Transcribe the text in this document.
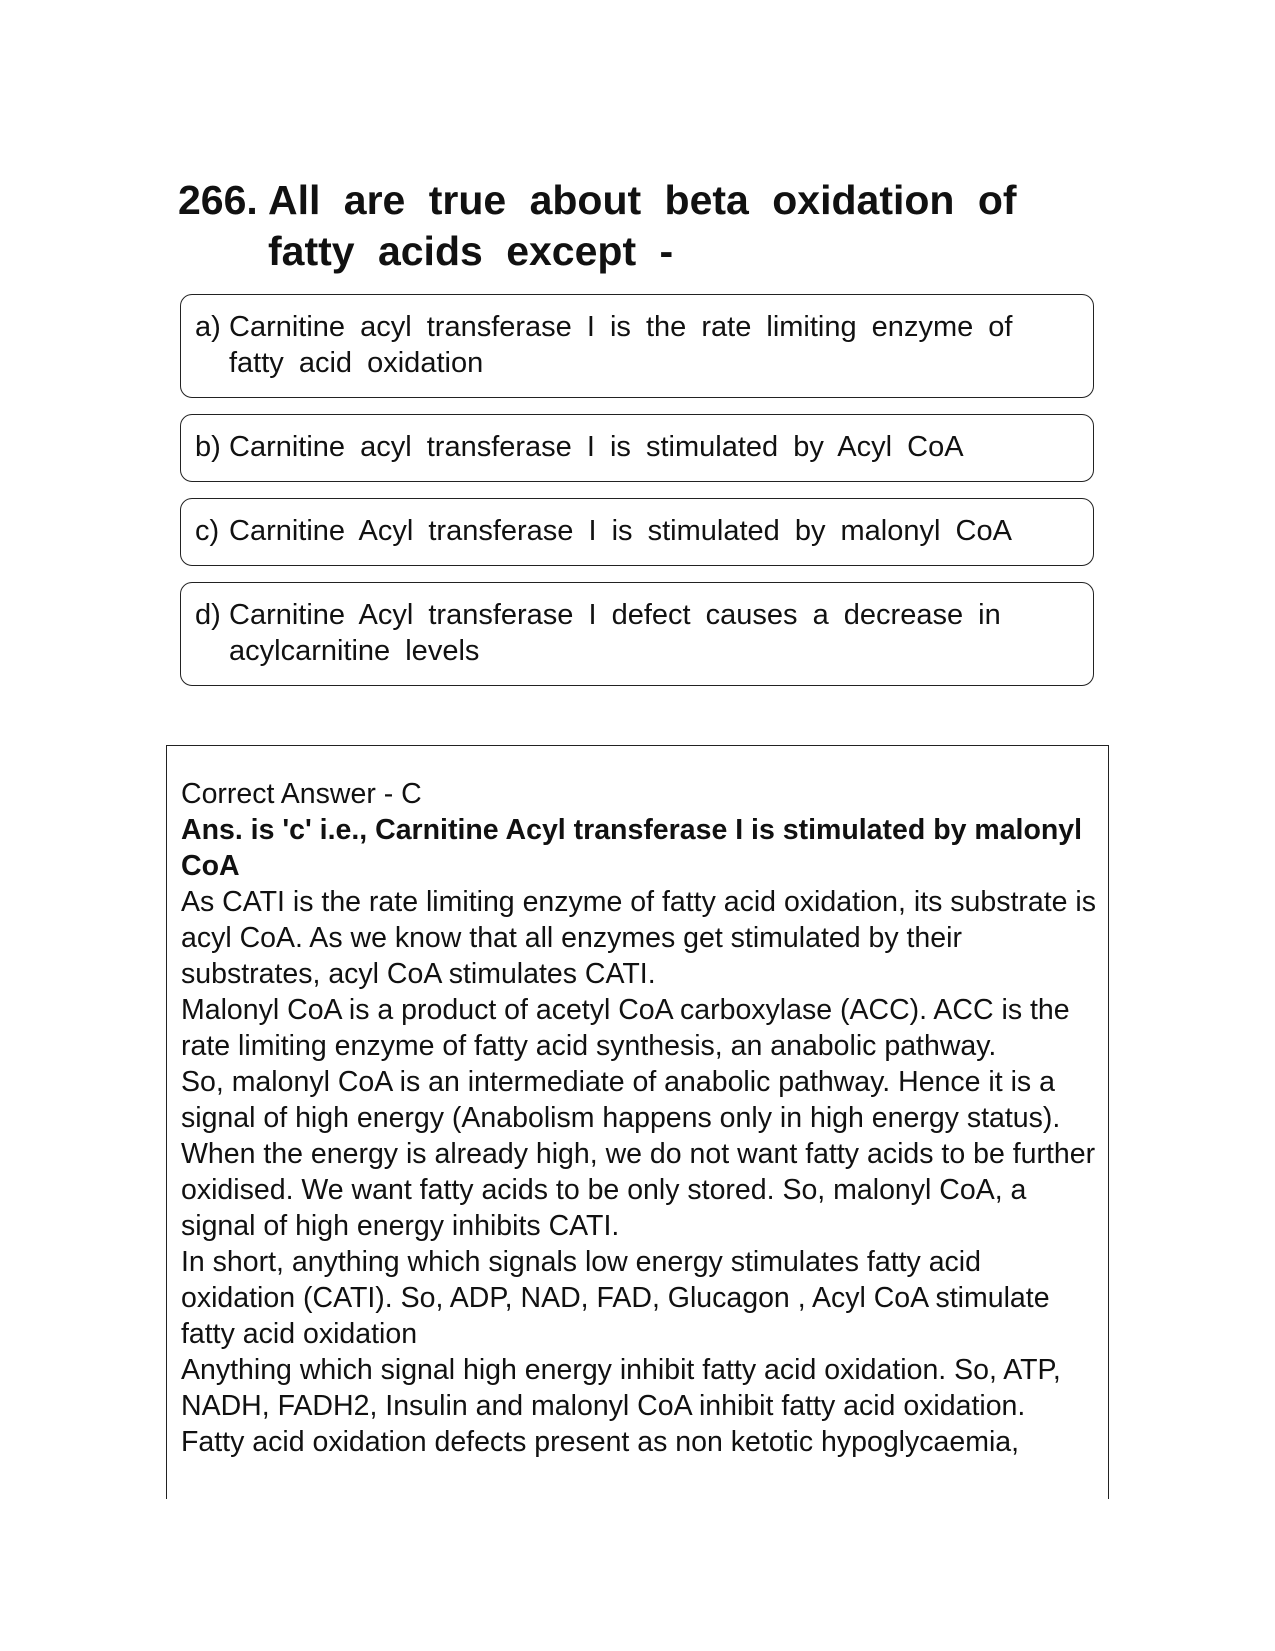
266. All are true about beta oxidation of fatty acids except -
a) Carnitine acyl transferase I is the rate limiting enzyme of fatty acid oxidation
b) Carnitine acyl transferase I is stimulated by Acyl CoA
c) Carnitine Acyl transferase I is stimulated by malonyl CoA
d) Carnitine Acyl transferase I defect causes a decrease in acylcarnitine levels
Correct Answer - C
Ans. is 'c' i.e., Carnitine Acyl transferase I is stimulated by malonyl CoA
As CATI is the rate limiting enzyme of fatty acid oxidation, its substrate is acyl CoA. As we know that all enzymes get stimulated by their substrates, acyl CoA stimulates CATI.
Malonyl CoA is a product of acetyl CoA carboxylase (ACC). ACC is the rate limiting enzyme of fatty acid synthesis, an anabolic pathway.
So, malonyl CoA is an intermediate of anabolic pathway. Hence it is a signal of high energy (Anabolism happens only in high energy status). When the energy is already high, we do not want fatty acids to be further oxidised. We want fatty acids to be only stored. So, malonyl CoA, a signal of high energy inhibits CATI.
In short, anything which signals low energy stimulates fatty acid oxidation (CATI). So, ADP, NAD, FAD, Glucagon , Acyl CoA stimulate fatty acid oxidation
Anything which signal high energy inhibit fatty acid oxidation. So, ATP, NADH, FADH2, Insulin and malonyl CoA inhibit fatty acid oxidation.
Fatty acid oxidation defects present as non ketotic hypoglycaemia,
